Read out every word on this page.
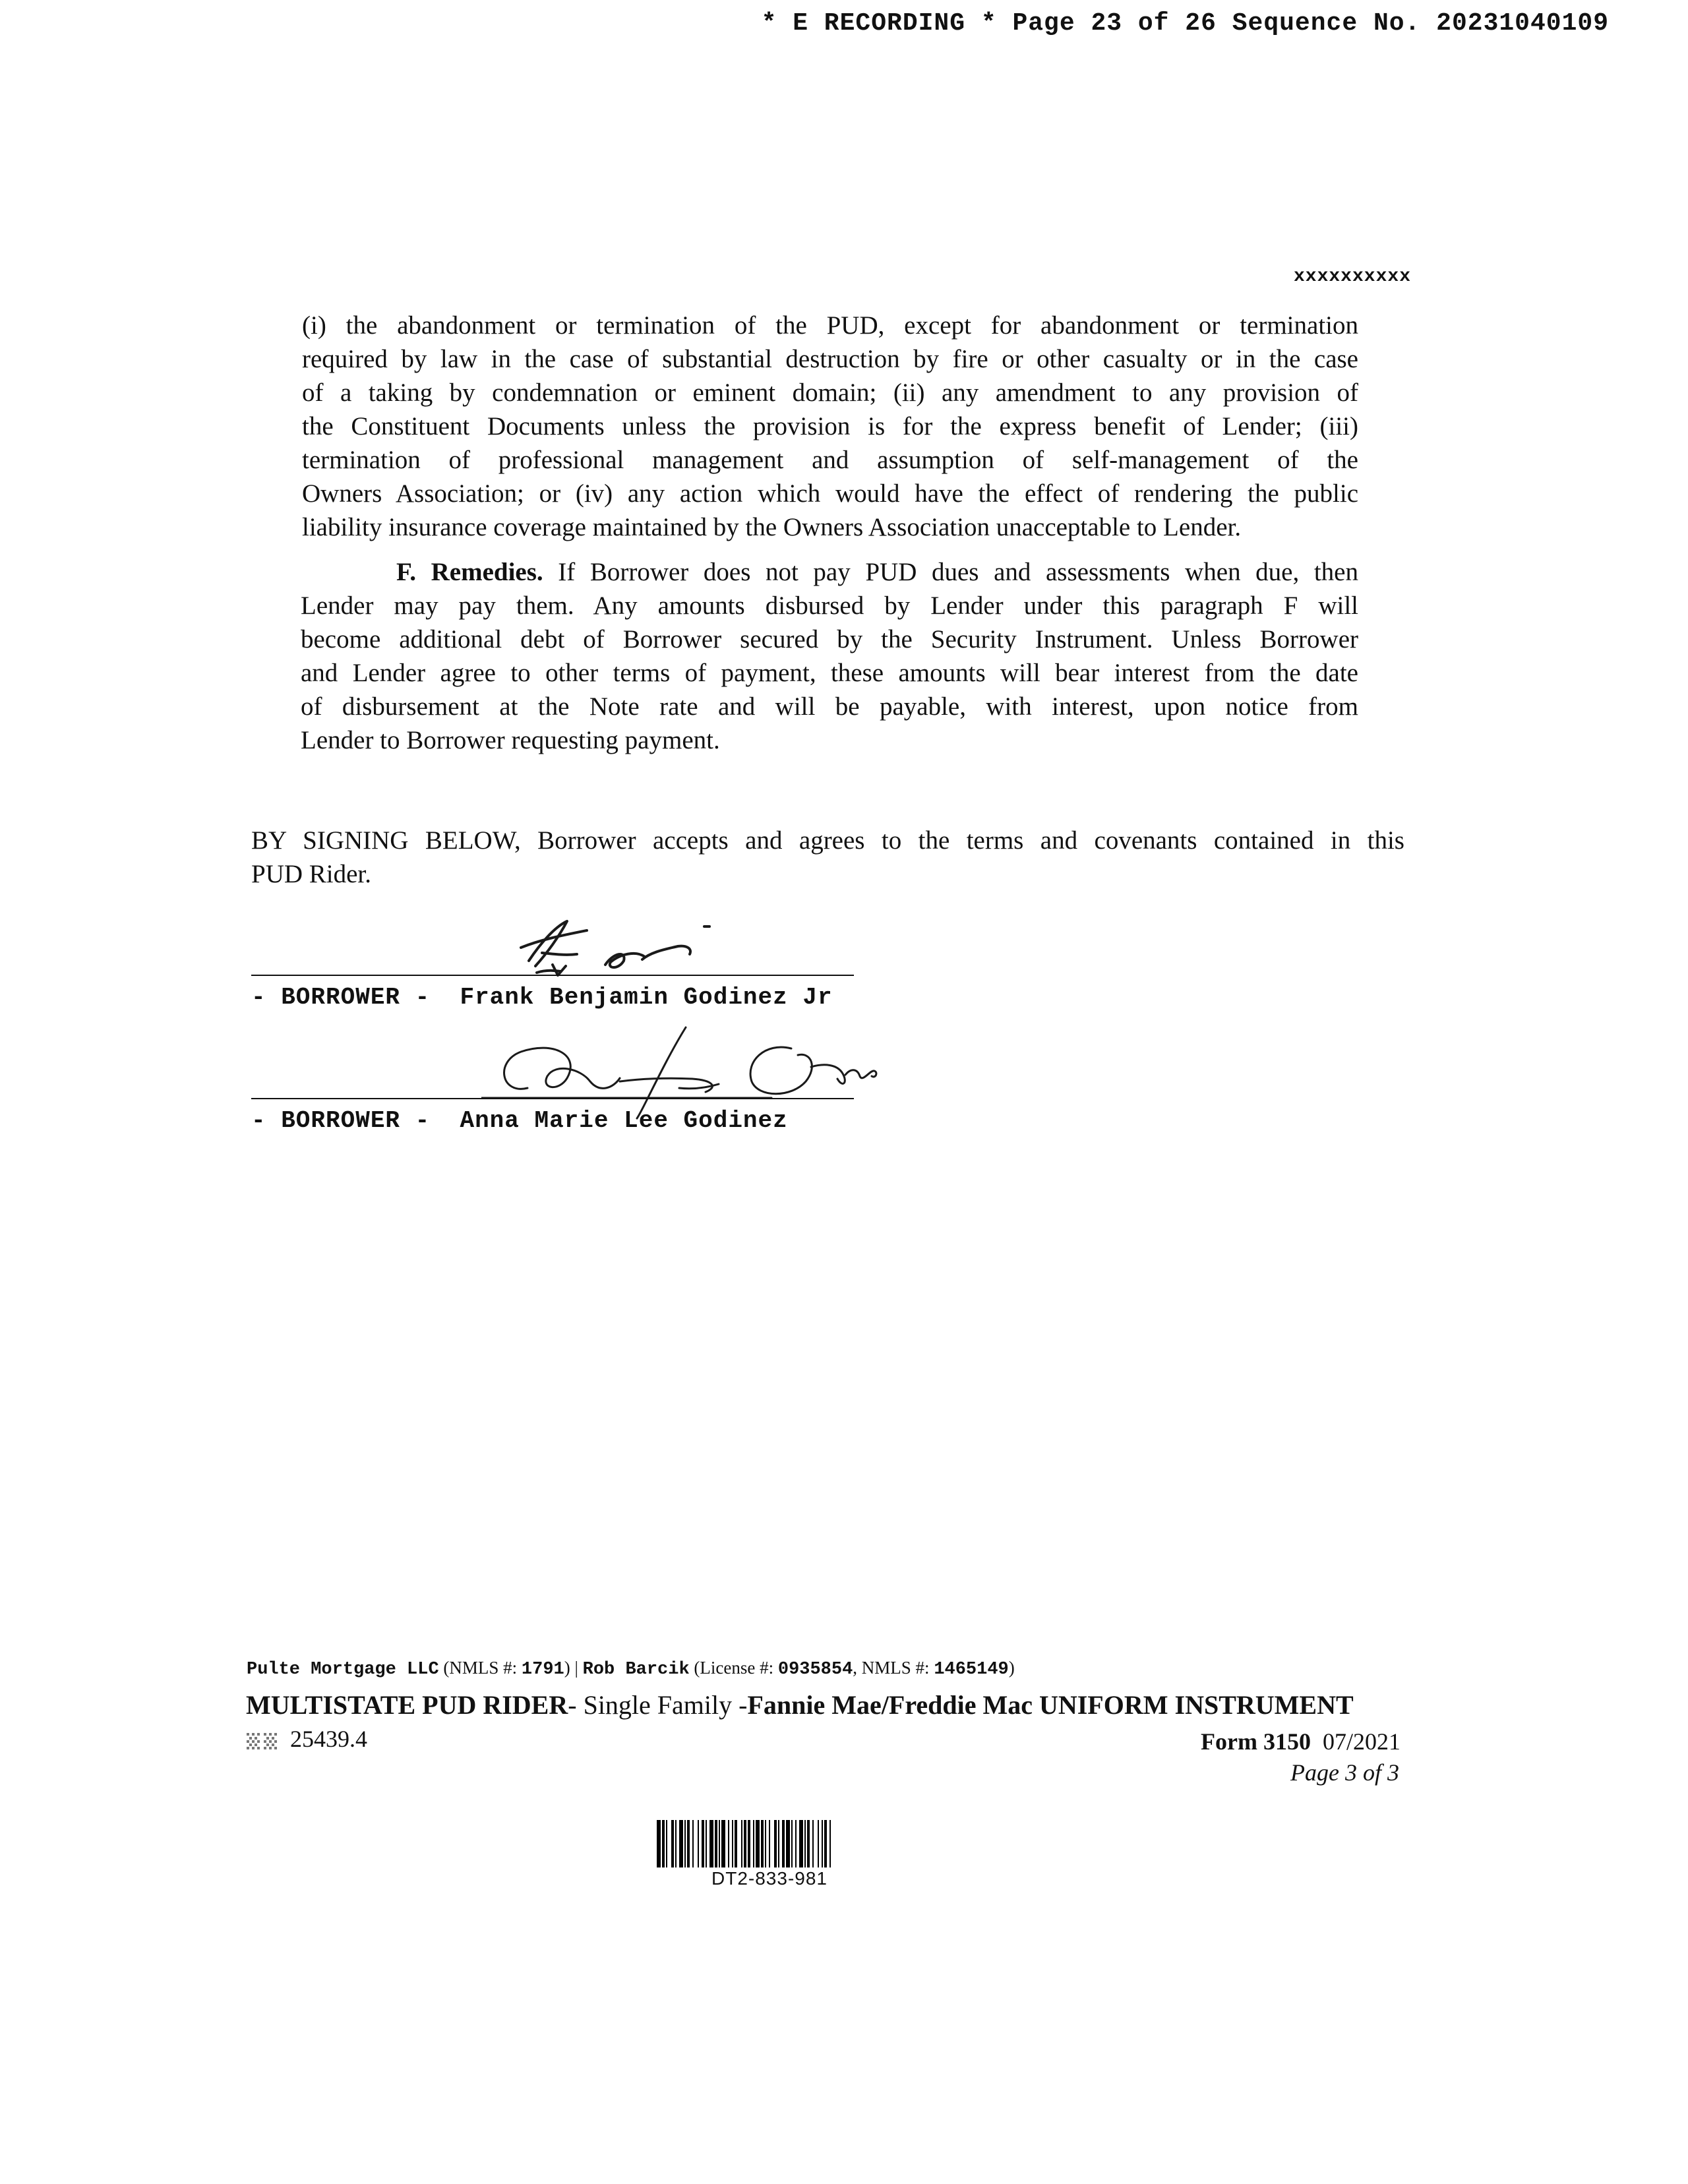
* E RECORDING * Page 23 of 26 Sequence No. 20231040109
xxxxxxxxxx
(i) the abandonment or termination of the PUD, except for abandonment or termination
required by law in the case of substantial destruction by fire or other casualty or in the case
of a taking by condemnation or eminent domain; (ii) any amendment to any provision of
the Constituent Documents unless the provision is for the express benefit of Lender; (iii)
termination of professional management and assumption of self-management of the
Owners Association; or (iv) any action which would have the effect of rendering the public
liability insurance coverage maintained by the Owners Association unacceptable to Lender.
F. Remedies. If Borrower does not pay PUD dues and assessments when due, then
Lender may pay them. Any amounts disbursed by Lender under this paragraph F will
become additional debt of Borrower secured by the Security Instrument. Unless Borrower
and Lender agree to other terms of payment, these amounts will bear interest from the date
of disbursement at the Note rate and will be payable, with interest, upon notice from
Lender to Borrower requesting payment.
BY SIGNING BELOW, Borrower accepts and agrees to the terms and covenants contained in this
PUD Rider.
- BORROWER - Frank Benjamin Godinez Jr
- BORROWER - Anna Marie Lee Godinez
Pulte Mortgage LLC (NMLS #: 1791) | Rob Barcik (License #: 0935854, NMLS #: 1465149)
MULTISTATE PUD RIDER- Single Family -Fannie Mae/Freddie Mac UNIFORM INSTRUMENT
25439.4	Form 3150 07/2021
Page 3 of 3
DT2-833-981
